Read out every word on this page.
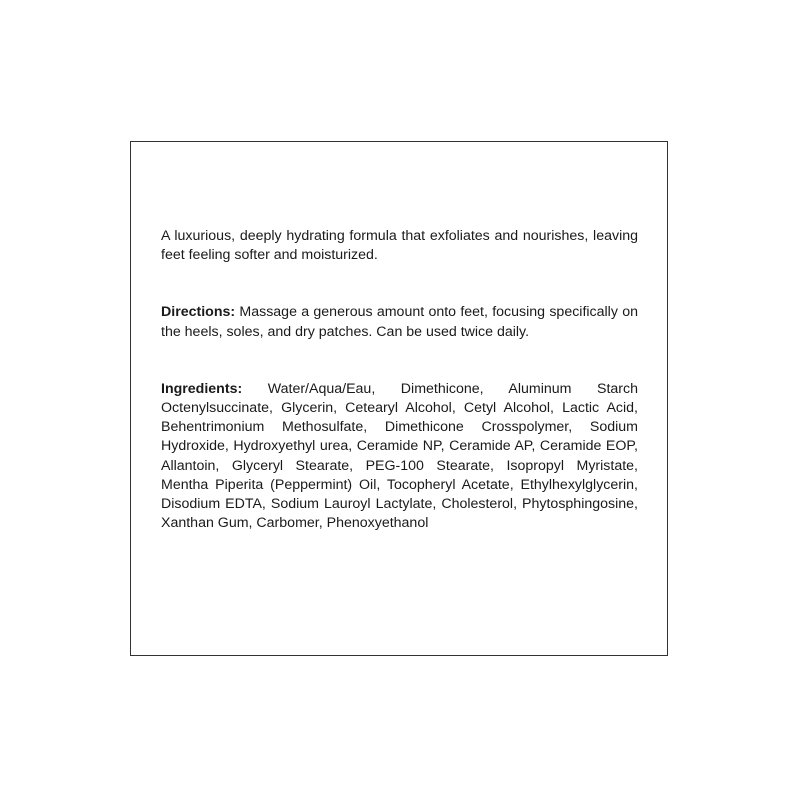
A luxurious, deeply hydrating formula that exfoliates and nourishes, leaving feet feeling softer and moisturized.

Directions: Massage a generous amount onto feet, focusing specifically on the heels, soles, and dry patches. Can be used twice daily.

Ingredients: Water/Aqua/Eau, Dimethicone, Aluminum Starch Octenylsuccinate, Glycerin, Cetearyl Alcohol, Cetyl Alcohol, Lactic Acid, Behentrimonium Methosulfate, Dimethicone Crosspolymer, Sodium Hydroxide, Hydroxyethyl urea, Ceramide NP, Ceramide AP, Ceramide EOP, Allantoin, Glyceryl Stearate, PEG-100 Stearate, Isopropyl Myristate, Mentha Piperita (Peppermint) Oil, Tocopheryl Acetate, Ethylhexylglycerin, Disodium EDTA, Sodium Lauroyl Lactylate, Cholesterol, Phytosphingosine, Xanthan Gum, Carbomer, Phenoxyethanol
